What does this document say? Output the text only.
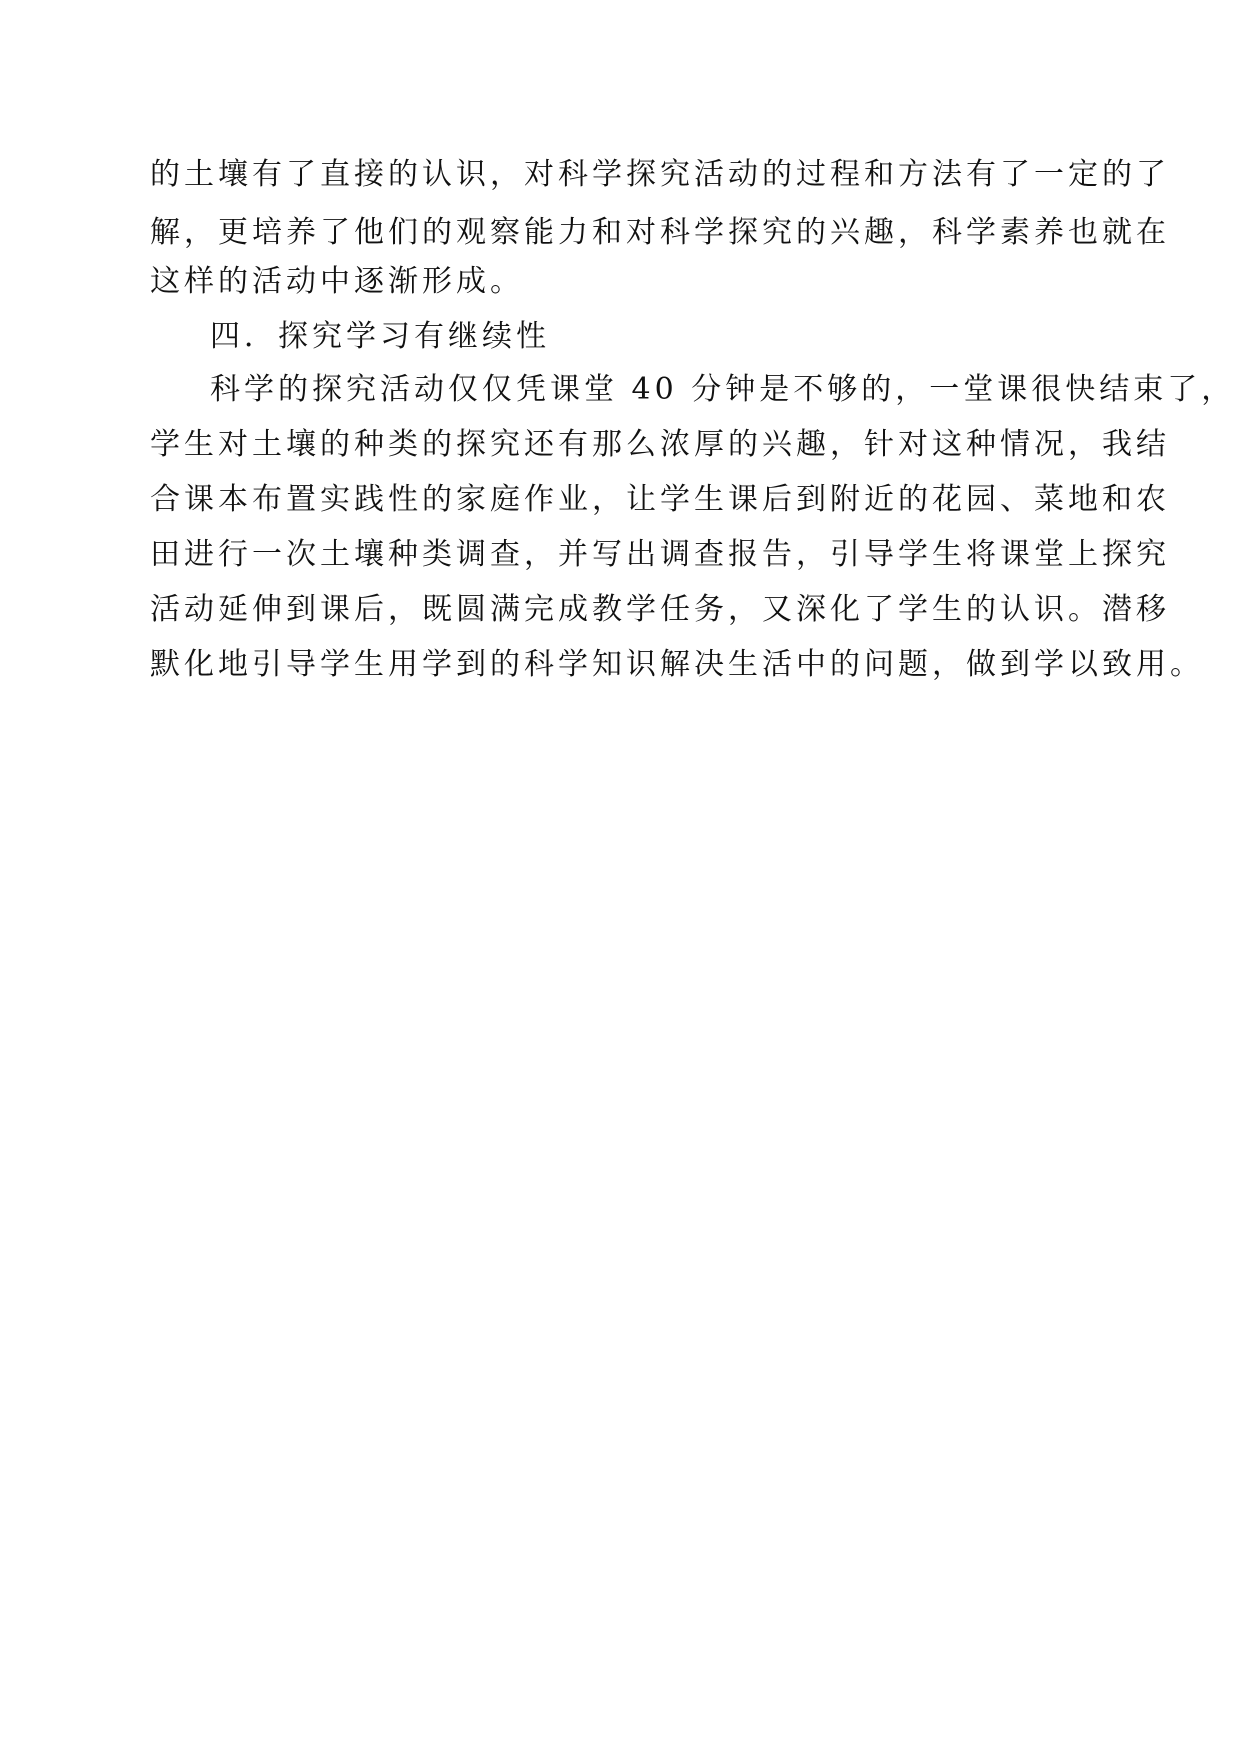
的土壤有了直接的认识，对科学探究活动的过程和方法有了一定的了
解，更培养了他们的观察能力和对科学探究的兴趣，科学素养也就在
这样的活动中逐渐形成。
四．探究学习有继续性
科学的探究活动仅仅凭课堂 40 分钟是不够的，一堂课很快结束了，
学生对土壤的种类的探究还有那么浓厚的兴趣，针对这种情况，我结
合课本布置实践性的家庭作业，让学生课后到附近的花园、菜地和农
田进行一次土壤种类调查，并写出调查报告，引导学生将课堂上探究
活动延伸到课后，既圆满完成教学任务，又深化了学生的认识。潜移
默化地引导学生用学到的科学知识解决生活中的问题，做到学以致用。
